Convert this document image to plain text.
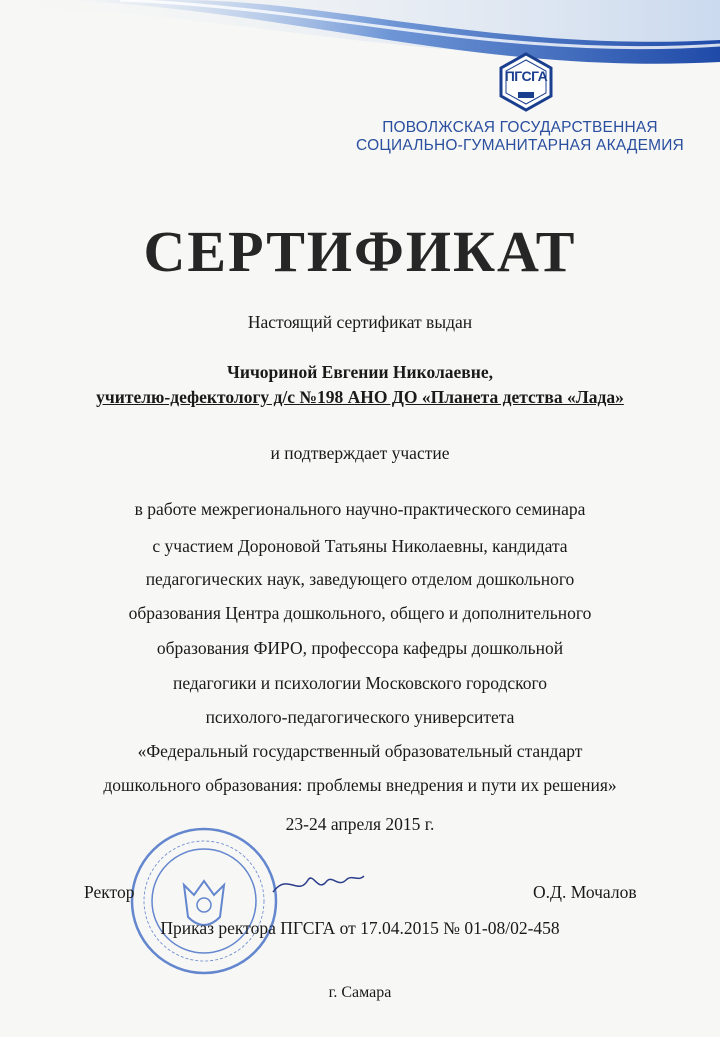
ПГСГА
ПОВОЛЖСКАЯ ГОСУДАРСТВЕННАЯ
СОЦИАЛЬНО-ГУМАНИТАРНАЯ АКАДЕМИЯ
СЕРТИФИКАТ
Настоящий сертификат выдан
Чичориной Евгении Николаевне,
учителю-дефектологу д/с №198 АНО ДО «Планета детства «Лада»
и подтверждает участие
в работе межрегионального научно-практического семинара
с участием Дороновой Татьяны Николаевны, кандидата
педагогических наук, заведующего отделом дошкольного
образования Центра дошкольного, общего и дополнительного
образования ФИРО, профессора кафедры дошкольной
педагогики и психологии Московского городского
психолого-педагогического университета
«Федеральный государственный образовательный стандарт
дошкольного образования: проблемы внедрения и пути их решения»
23-24 апреля 2015 г.
Ректор	О.Д. Мочалов
Приказ ректора ПГСГА от 17.04.2015 № 01-08/02-458
г. Самара
